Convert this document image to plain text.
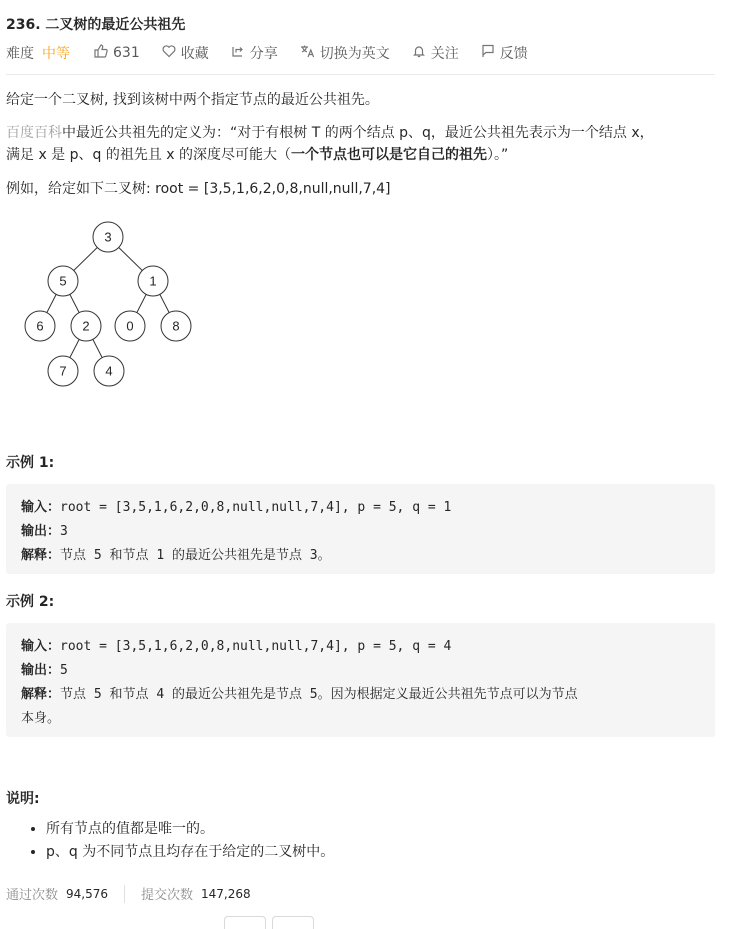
236. 二叉树的最近公共祖先
难度 中等	631	收藏	分享	切换为英文	关注	反馈
给定一个二叉树, 找到该树中两个指定节点的最近公共祖先。
百度百科中最近公共祖先的定义为：“对于有根树 T 的两个结点 p、q，最近公共祖先表示为一个结点 x，
满足 x 是 p、q 的祖先且 x 的深度尽可能大（一个节点也可以是它自己的祖先）。”
例如，给定如下二叉树: root = [3,5,1,6,2,0,8,null,null,7,4]
3
5	1
6	2	0	8
7	4
示例 1:
输入：root = [3,5,1,6,2,0,8,null,null,7,4], p = 5, q = 1
输出：3
解释：节点 5 和节点 1 的最近公共祖先是节点 3。
示例 2:
输入：root = [3,5,1,6,2,0,8,null,null,7,4], p = 5, q = 4
输出：5
解释：节点 5 和节点 4 的最近公共祖先是节点 5。因为根据定义最近公共祖先节点可以为节点
本身。
说明:
• 所有节点的值都是唯一的。
• p、q 为不同节点且均存在于给定的二叉树中。
通过次数 94,576	提交次数 147,268
